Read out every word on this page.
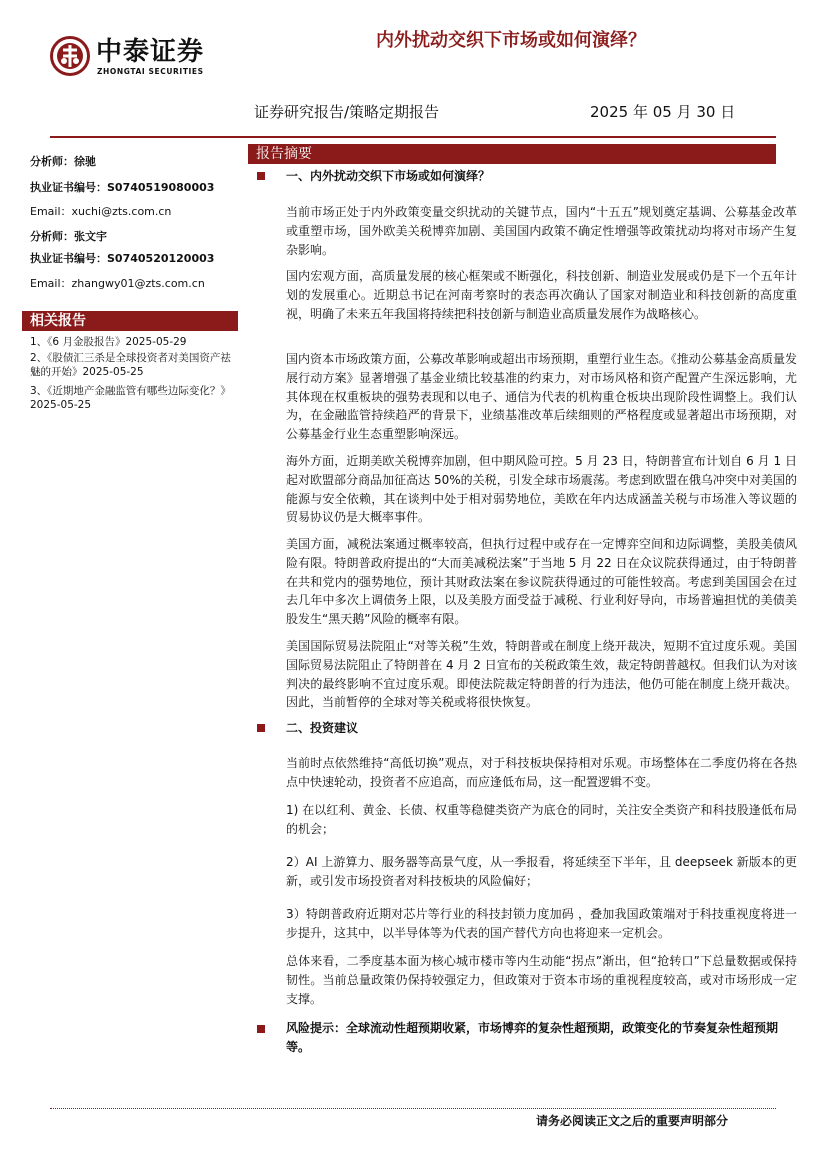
中泰证券
ZHONGTAI SECURITIES
内外扰动交织下市场或如何演绎？
证券研究报告/策略定期报告	2025 年 05 月 30 日
分析师：徐驰
执业证书编号：S0740519080003
Email：xuchi@zts.com.cn
分析师：张文宇
执业证书编号：S0740520120003
Email：zhangwy01@zts.com.cn
相关报告
1、《6 月金股报告》2025-05-29
2、《股债汇三杀是全球投资者对美国资产祛魅的开始》2025-05-25
3、《近期地产金融监管有哪些边际变化？》2025-05-25
报告摘要
一、内外扰动交织下市场或如何演绎？
当前市场正处于内外政策变量交织扰动的关键节点，国内“十五五”规划奠定基调、公募基金改革或重塑市场，国外欧美关税博弈加剧、美国国内政策不确定性增强等政策扰动均将对市场产生复杂影响。
国内宏观方面，高质量发展的核心框架或不断强化，科技创新、制造业发展或仍是下一个五年计划的发展重心。近期总书记在河南考察时的表态再次确认了国家对制造业和科技创新的高度重视，明确了未来五年我国将持续把科技创新与制造业高质量发展作为战略核心。
国内资本市场政策方面，公募改革影响或超出市场预期，重塑行业生态。《推动公募基金高质量发展行动方案》显著增强了基金业绩比较基准的约束力，对市场风格和资产配置产生深远影响，尤其体现在权重板块的强势表现和以电子、通信为代表的机构重仓板块出现阶段性调整上。我们认为，在金融监管持续趋严的背景下，业绩基准改革后续细则的严格程度或显著超出市场预期，对公募基金行业生态重塑影响深远。
海外方面，近期美欧关税博弈加剧，但中期风险可控。5 月 23 日，特朗普宣布计划自 6 月 1 日起对欧盟部分商品加征高达 50%的关税，引发全球市场震荡。考虑到欧盟在俄乌冲突中对美国的能源与安全依赖，其在谈判中处于相对弱势地位，美欧在年内达成涵盖关税与市场准入等议题的贸易协议仍是大概率事件。
美国方面，减税法案通过概率较高，但执行过程中或存在一定博弈空间和边际调整，美股美债风险有限。特朗普政府提出的“大而美减税法案”于当地 5 月 22 日在众议院获得通过，由于特朗普在共和党内的强势地位，预计其财政法案在参议院获得通过的可能性较高。考虑到美国国会在过去几年中多次上调债务上限，以及美股方面受益于减税、行业利好导向，市场普遍担忧的美债美股发生“黑天鹅”风险的概率有限。
美国国际贸易法院阻止“对等关税”生效，特朗普或在制度上绕开裁决，短期不宜过度乐观。美国国际贸易法院阻止了特朗普在 4 月 2 日宣布的关税政策生效，裁定特朗普越权。但我们认为对该判决的最终影响不宜过度乐观。即使法院裁定特朗普的行为违法，他仍可能在制度上绕开裁决。因此，当前暂停的全球对等关税或将很快恢复。
二、投资建议
当前时点依然维持“高低切换”观点，对于科技板块保持相对乐观。市场整体在二季度仍将在各热点中快速轮动，投资者不应追高，而应逢低布局，这一配置逻辑不变。
1) 在以红利、黄金、长债、权重等稳健类资产为底仓的同时，关注安全类资产和科技股逢低布局的机会；
2）AI 上游算力、服务器等高景气度，从一季报看，将延续至下半年，且 deepseek 新版本的更新，或引发市场投资者对科技板块的风险偏好；
3）特朗普政府近期对芯片等行业的科技封锁力度加码 ，叠加我国政策端对于科技重视度将进一步提升，这其中，以半导体等为代表的国产替代方向也将迎来一定机会。
总体来看，二季度基本面为核心城市楼市等内生动能“拐点”渐出，但“抢转口”下总量数据或保持韧性。当前总量政策仍保持较强定力，但政策对于资本市场的重视程度较高，或对市场形成一定支撑。
风险提示：全球流动性超预期收紧，市场博弈的复杂性超预期，政策变化的节奏复杂性超预期等。
请务必阅读正文之后的重要声明部分
